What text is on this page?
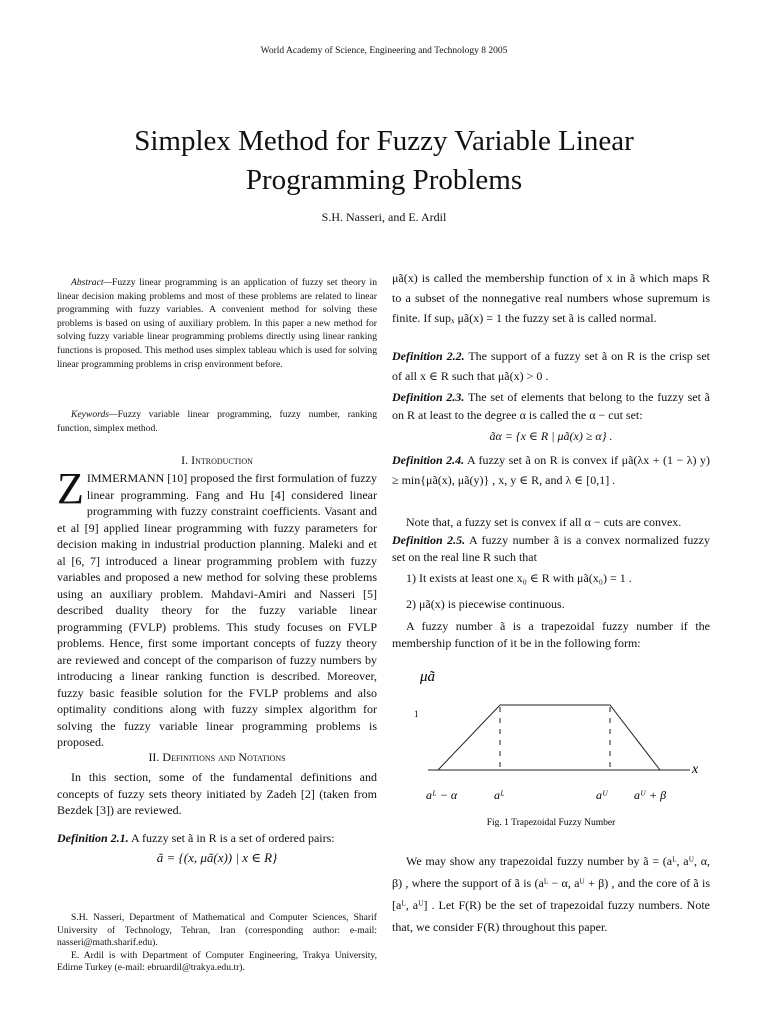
World Academy of Science, Engineering and Technology 8 2005
Simplex Method for Fuzzy Variable Linear
Programming Problems
S.H. Nasseri, and E. Ardil
Abstract—Fuzzy linear programming is an application of fuzzy set theory in linear decision making problems and most of these problems are related to linear programming with fuzzy variables. A convenient method for solving these problems is based on using of auxiliary problem. In this paper a new method for solving fuzzy variable linear programming problems directly using linear ranking functions is proposed. This method uses simplex tableau which is used for solving linear programming problems in crisp environment before.
Keywords—Fuzzy variable linear programming, fuzzy number, ranking function, simplex method.
I. Introduction
ZIMMERMANN [10] proposed the first formulation of fuzzy linear programming. Fang and Hu [4] considered linear programming with fuzzy constraint coefficients. Vasant and et al [9] applied linear programming with fuzzy parameters for decision making in industrial production planning. Maleki and et al [6, 7] introduced a linear programming problem with fuzzy variables and proposed a new method for solving these problems using an auxiliary problem. Mahdavi-Amiri and Nasseri [5] described duality theory for the fuzzy variable linear programming (FVLP) problems. This study focuses on FVLP problems. Hence, first some important concepts of fuzzy theory are reviewed and concept of the comparison of fuzzy numbers by introducing a linear ranking function is described. Moreover, fuzzy basic feasible solution for the FVLP problems and also optimality conditions along with fuzzy simplex algorithm for solving the fuzzy variable linear programming problems is proposed.
II. Definitions and Notations
In this section, some of the fundamental definitions and concepts of fuzzy sets theory initiated by Zadeh [2] (taken from Bezdek [3]) are reviewed.
Definition 2.1. A fuzzy set ã in R is a set of ordered pairs:
ã = {(x, μã(x)) | x ∈ R}
S.H. Nasseri, Department of Mathematical and Computer Sciences, Sharif University of Technology, Tehran, Iran (corresponding author: e-mail: nasseri@math.sharif.edu).
E. Ardil is with Department of Computer Engineering, Trakya University, Edirne Turkey (e-mail: ebruardil@trakya.edu.tr).
μã(x) is called the membership function of x in ã which maps R to a subset of the nonnegative real numbers whose supremum is finite. If supₓ μã(x) = 1 the fuzzy set ã is called normal.
Definition 2.2. The support of a fuzzy set ã on R is the crisp set of all x ∈ R such that μã(x) > 0 .
Definition 2.3. The set of elements that belong to the fuzzy set ã on R at least to the degree α is called the α − cut set:
ãα = {x ∈ R | μã(x) ≥ α} .
Definition 2.4. A fuzzy set ã on R is convex if μã(λx + (1 − λ) y) ≥ min{μã(x), μã(y)} , x, y ∈ R, and λ ∈ [0,1] .
Note that, a fuzzy set is convex if all α − cuts are convex.
Definition 2.5. A fuzzy number ã is a convex normalized fuzzy set on the real line R such that
1) It exists at least one x₀ ∈ R with μã(x₀) = 1 .
2) μã(x) is piecewise continuous.
A fuzzy number ã is a trapezoidal fuzzy number if the membership function of it be in the following form:
μã
1
x
aᴸ − α	aᴸ	aᵁ aᵁ + β
Fig. 1 Trapezoidal Fuzzy Number
We may show any trapezoidal fuzzy number by ã = (aᴸ, aᵁ, α, β) , where the support of ã is (aᴸ − α, aᵁ + β) , and the core of ã is [aᴸ, aᵁ] . Let F(R) be the set of trapezoidal fuzzy numbers. Note that, we consider F(R) throughout this paper.
